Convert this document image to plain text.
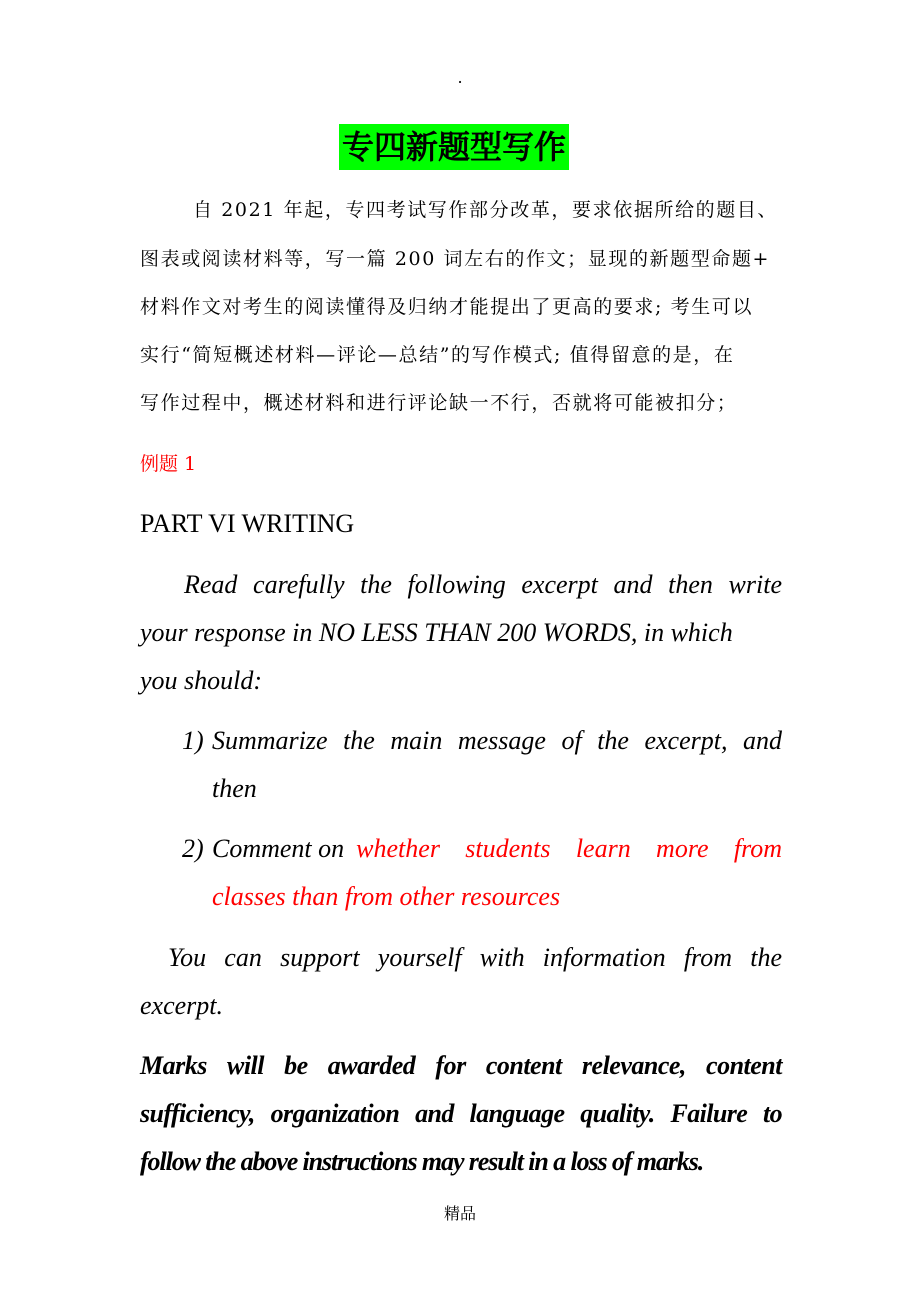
.
专四新题型写作
自 2021 年起，专四考试写作部分改革，要求依据所给的题目、
图表或阅读材料等，写一篇 200 词左右的作文；显现的新题型命题+
材料作文对考生的阅读懂得及归纳才能提出了更高的要求; 考生可以
实行“简短概述材料—评论—总结”的写作模式; 值得留意的是，在
写作过程中，概述材料和进行评论缺一不行，否就将可能被扣分；
例题 1
PART VI WRITING
Read carefully the following excerpt and then write
your response in NO LESS THAN 200 WORDS, in which
you should:
1) Summarize the main message of the excerpt, and
then
2) Comment on whether students learn more from
classes than from other resources
You can support yourself with information from the
excerpt.
Marks will be awarded for content relevance, content
sufficiency, organization and language quality. Failure to
follow the above instructions may result in a loss of marks.
精品
